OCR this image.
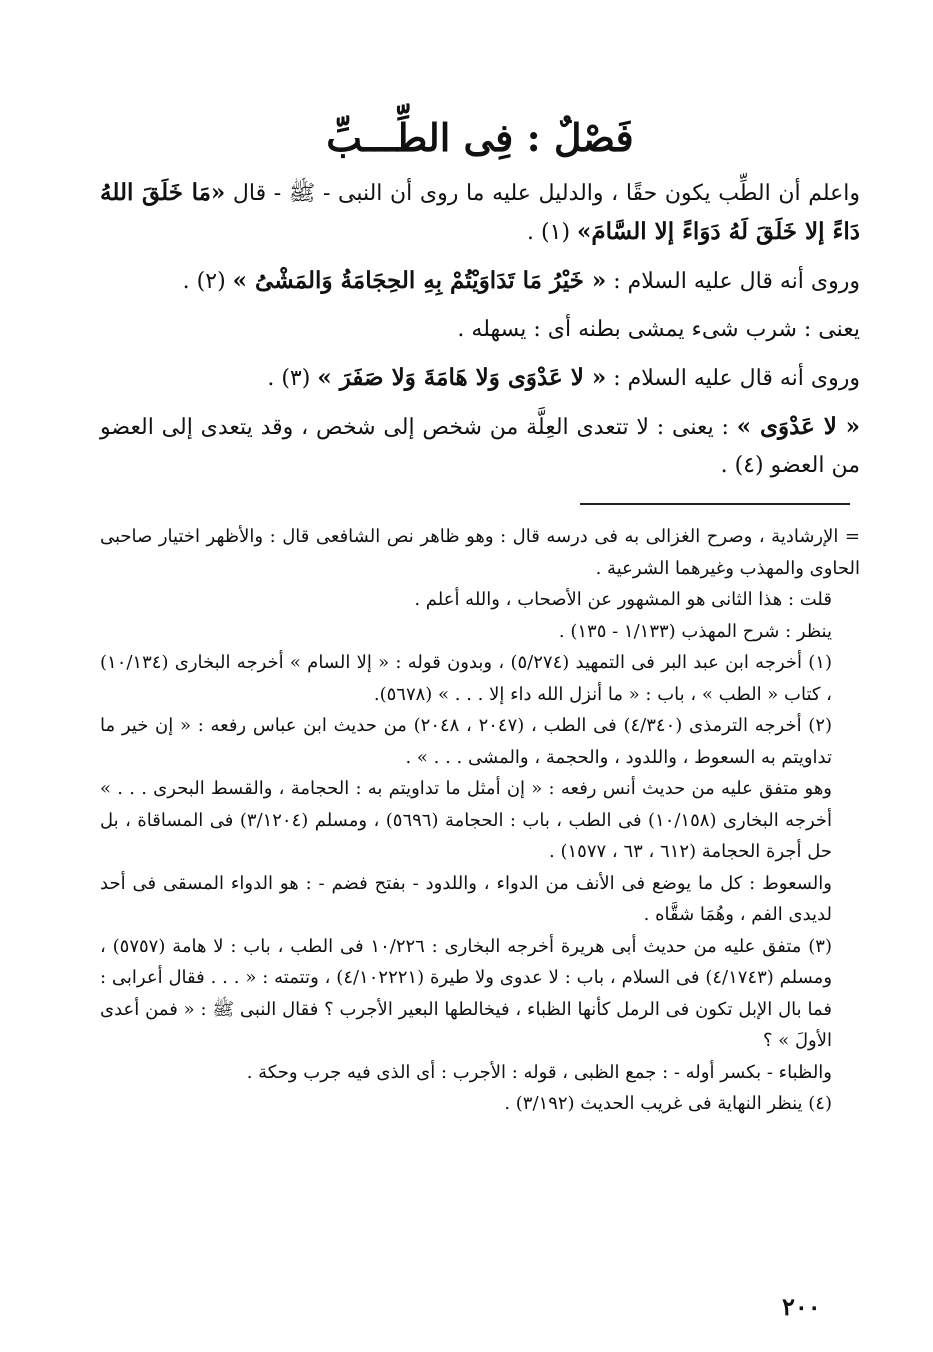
فَصْلٌ : فِى الطِّـــبِّ

واعلم أن الطِّب يكون حقًا ، والدليل عليه ما روى أن النبى - ﷺ - قال «مَا خَلَقَ اللهُ دَاءً إلا خَلَقَ لَهُ دَوَاءً إلا السَّامَ» (١) .

وروى أنه قال عليه السلام : « خَيْرُ مَا تَدَاوَيْتُمْ بِهِ الحِجَامَةُ وَالمَشْىُ » (٢) .

يعنى : شرب شىء يمشى بطنه أى : يسهله .

وروى أنه قال عليه السلام : « لا عَدْوَى وَلا هَامَةَ وَلا صَفَرَ » (٣) .

« لا عَدْوَى » : يعنى : لا تتعدى العِلَّة من شخص إلى شخص ، وقد يتعدى إلى العضو من العضو (٤) .

= الإرشادية ، وصرح الغزالى به فى درسه قال : وهو ظاهر نص الشافعى قال : والأظهر اختيار صاحبى الحاوى والمهذب وغيرهما الشرعية .

قلت : هذا الثانى هو المشهور عن الأصحاب ، والله أعلم .

ينظر : شرح المهذب (١/١٣٣ - ١٣٥) .

(١) أخرجه ابن عبد البر فى التمهيد (٥/٢٧٤) ، وبدون قوله : « إلا السام » أخرجه البخارى (١٠/١٣٤) ، كتاب « الطب » ، باب : « ما أنزل الله داء إلا . . . » (٥٦٧٨).

(٢) أخرجه الترمذى (٤/٣٤٠) فى الطب ، (٢٠٤٧ ، ٢٠٤٨) من حديث ابن عباس رفعه : « إن خير ما تداويتم به السعوط ، واللدود ، والحجمة ، والمشى . . . » .

وهو متفق عليه من حديث أنس رفعه : « إن أمثل ما تداويتم به : الحجامة ، والقسط البحرى . . . » أخرجه البخارى (١٠/١٥٨) فى الطب ، باب : الحجامة (٥٦٩٦) ، ومسلم (٣/١٢٠٤) فى المساقاة ، بل حل أجرة الحجامة (٦١٢ ، ٦٣ ، ١٥٧٧) .

والسعوط : كل ما يوضع فى الأنف من الدواء ، واللدود - بفتح فضم - : هو الدواء المسقى فى أحد لديدى الفم ، وهُمَا شقَّاه .

(٣) متفق عليه من حديث أبى هريرة أخرجه البخارى : ١٠/٢٢٦ فى الطب ، باب : لا هامة (٥٧٥٧) ، ومسلم (٤/١٧٤٣) فى السلام ، باب : لا عدوى ولا طيرة (٤/١٠٢٢٢١) ، وتتمته : « . . . فقال أعرابى : فما بال الإبل تكون فى الرمل كأنها الظباء ، فيخالطها البعير الأجرب ؟ فقال النبى ﷺ : « فمن أعدى الأولَ » ؟

والظباء - بكسر أوله - : جمع الظبى ، قوله : الأجرب : أى الذى فيه جرب وحكة .

(٤) ينظر النهاية فى غريب الحديث (٣/١٩٢) .

٢٠٠
